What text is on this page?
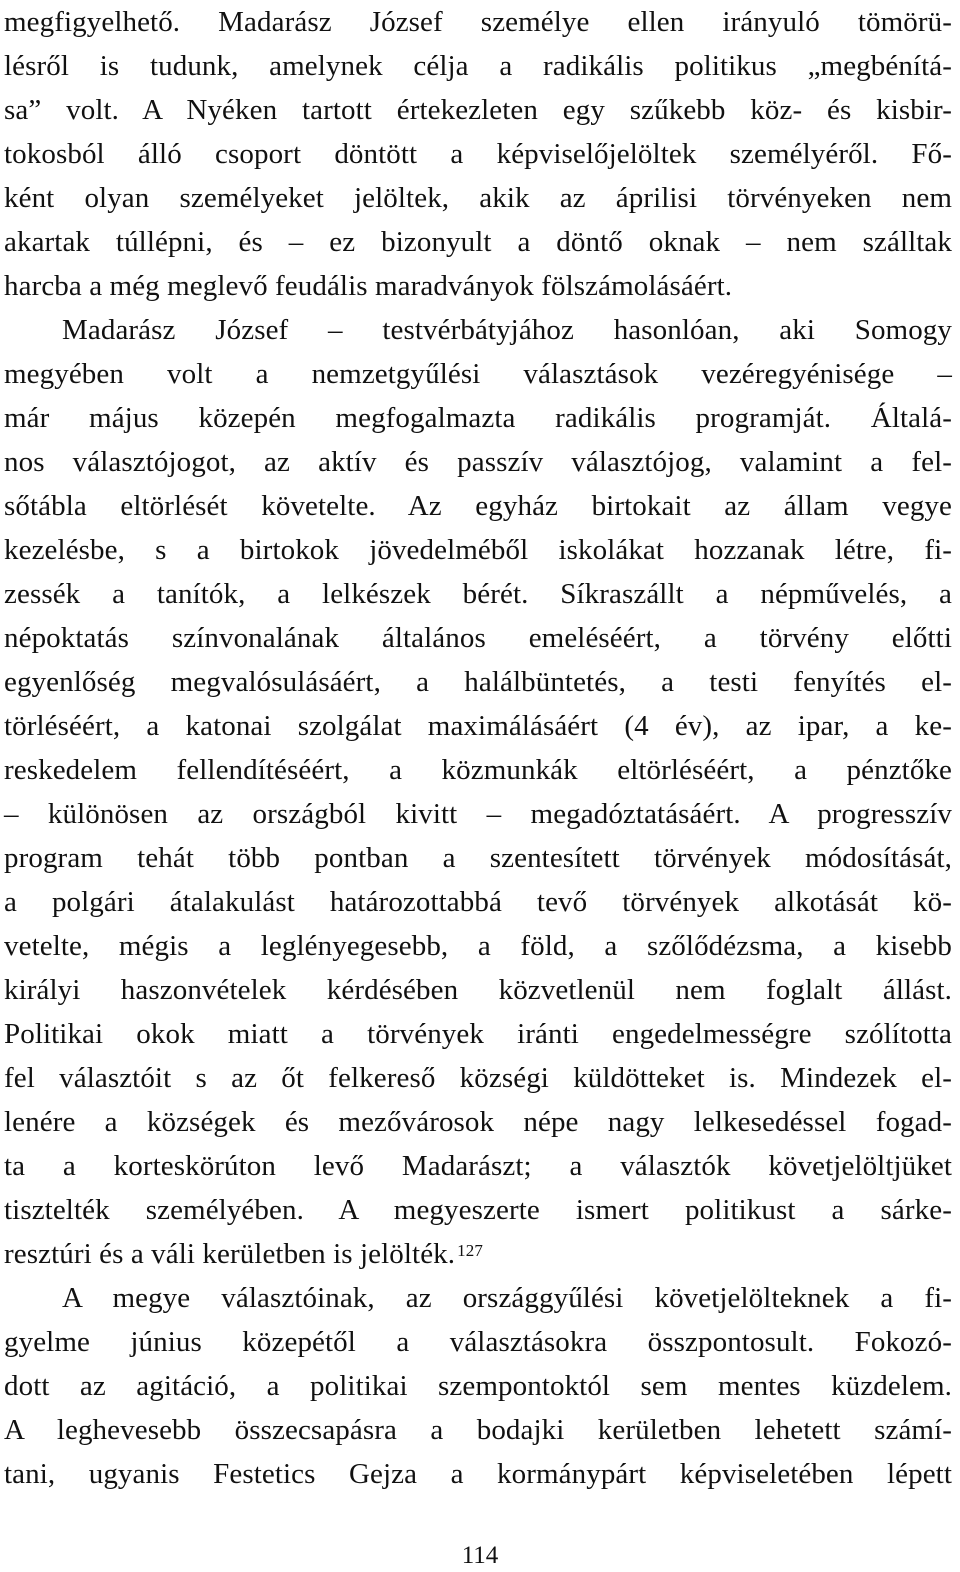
megfigyelhető. Madarász József személye ellen irányuló tömörü-
lésről is tudunk, amelynek célja a radikális politikus „megbénítá-
sa” volt. A Nyéken tartott értekezleten egy szűkebb köz- és kisbir-
tokosból álló csoport döntött a képviselőjelöltek személyéről. Fő-
ként olyan személyeket jelöltek, akik az áprilisi törvényeken nem
akartak túllépni, és – ez bizonyult a döntő oknak – nem szálltak
harcba a még meglevő feudális maradványok fölszámolásáért.
Madarász József – testvérbátyjához hasonlóan, aki Somogy
megyében volt a nemzetgyűlési választások vezéregyénisége –
már május közepén megfogalmazta radikális programját. Általá-
nos választójogot, az aktív és passzív választójog, valamint a fel-
sőtábla eltörlését követelte. Az egyház birtokait az állam vegye
kezelésbe, s a birtokok jövedelméből iskolákat hozzanak létre, fi-
zessék a tanítók, a lelkészek bérét. Síkraszállt a népművelés, a
népoktatás színvonalának általános emeléséért, a törvény előtti
egyenlőség megvalósulásáért, a halálbüntetés, a testi fenyítés el-
törléséért, a katonai szolgálat maximálásáért (4 év), az ipar, a ke-
reskedelem fellendítéséért, a közmunkák eltörléséért, a pénztőke
– különösen az országból kivitt – megadóztatásáért. A progresszív
program tehát több pontban a szentesített törvények módosítását,
a polgári átalakulást határozottabbá tevő törvények alkotását kö-
vetelte, mégis a leglényegesebb, a föld, a szőlődézsma, a kisebb
királyi haszonvételek kérdésében közvetlenül nem foglalt állást.
Politikai okok miatt a törvények iránti engedelmességre szólította
fel választóit s az őt felkereső községi küldötteket is. Mindezek el-
lenére a községek és mezővárosok népe nagy lelkesedéssel fogad-
ta a korteskörúton levő Madarászt; a választók követjelöltjüket
tisztelték személyében. A megyeszerte ismert politikust a sárke-
resztúri és a váli kerületben is jelölték. $^{127}$
A megye választóinak, az országgyűlési követjelölteknek a fi-
gyelme június közepétől a választásokra összpontosult. Fokozó-
dott az agitáció, a politikai szempontoktól sem mentes küzdelem.
A leghevesebb összecsapásra a bodajki kerületben lehetett számí-
tani, ugyanis Festetics Gejza a kormánypárt képviseletében lépett
114
